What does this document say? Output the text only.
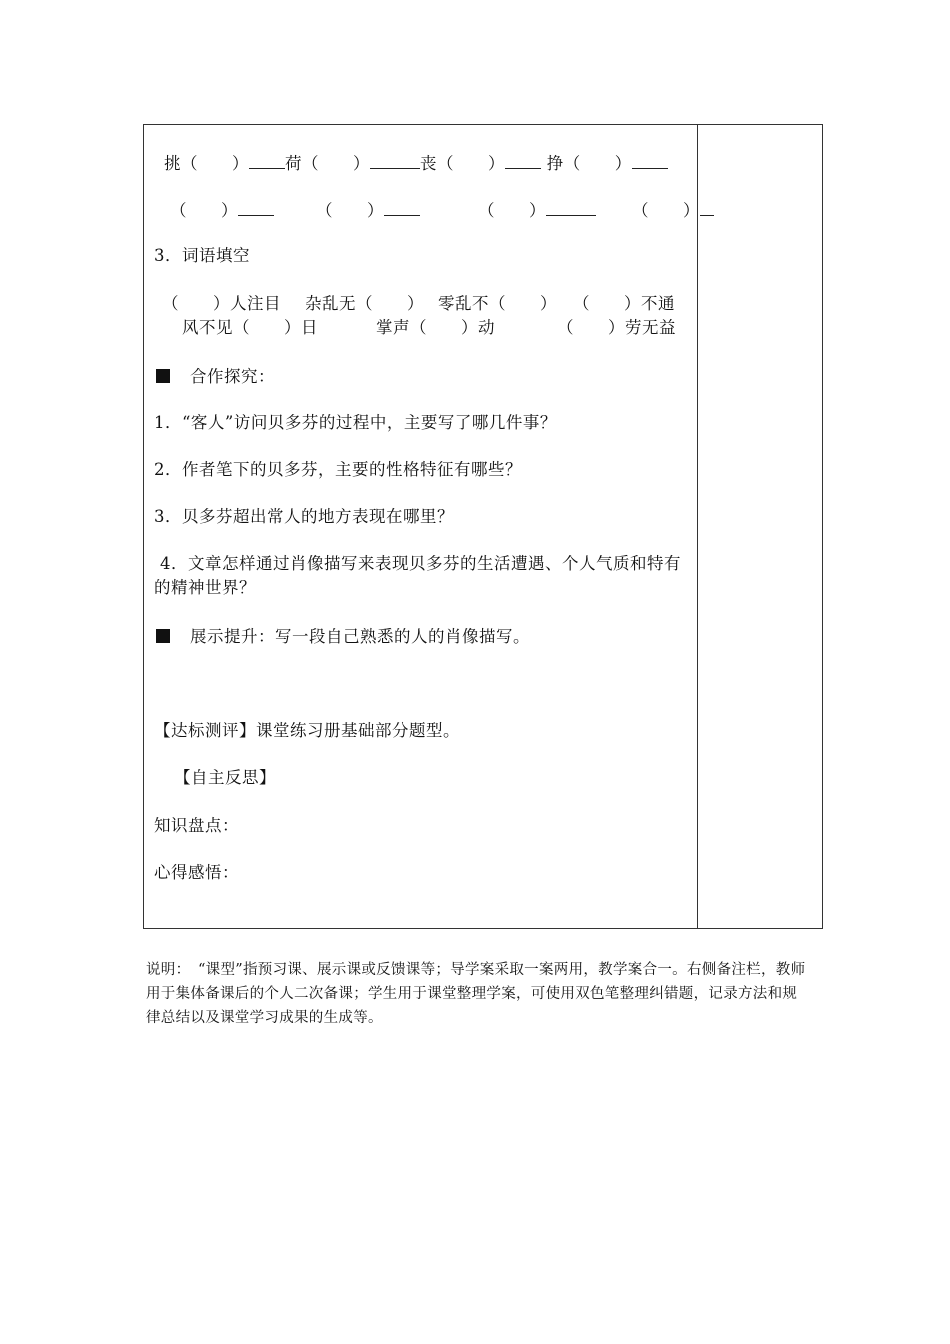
挑（　　） 荷（　　）	丧（　　）	挣（　　）
（　　）	（　　）	（　　）	（　　）
3．词语填空
（　　）人注目 杂乱无（　　） 零乱不（　　） （　　）不通
风不见（　　）日	掌声（　　）动	（　　）劳无益
合作探究：
1．“客人”访问贝多芬的过程中，主要写了哪几件事？
2．作者笔下的贝多芬，主要的性格特征有哪些？
3．贝多芬超出常人的地方表现在哪里？
4．文章怎样通过肖像描写来表现贝多芬的生活遭遇、个人气质和特有的精神世界？
展示提升：写一段自己熟悉的人的肖像描写。
【达标测评】课堂练习册基础部分题型。
【自主反思】
知识盘点：
心得感悟：
说明：　“课型”指预习课、展示课或反馈课等；导学案采取一案两用，教学案合一。右侧备注栏，教师用于集体备课后的个人二次备课；学生用于课堂整理学案，可使用双色笔整理纠错题，记录方法和规律总结以及课堂学习成果的生成等。
